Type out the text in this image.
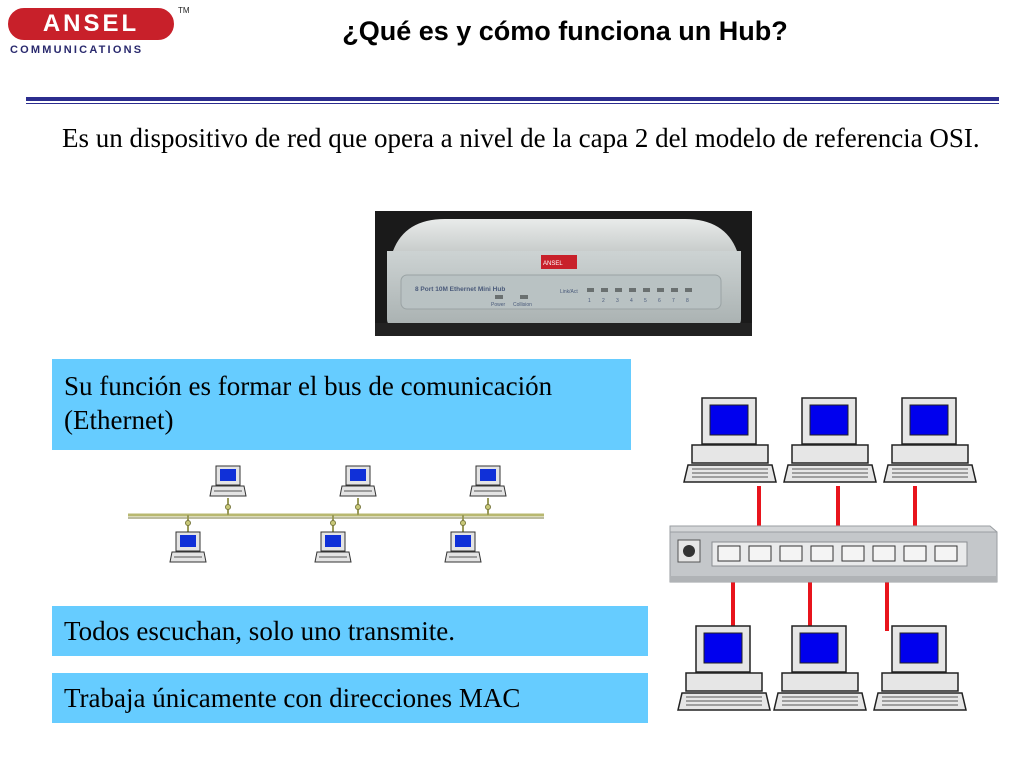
ANSEL
COMMUNICATIONS
TM
¿Qué es y cómo funciona un Hub?
Es un dispositivo de red que opera a nivel de la capa 2 del modelo de referencia OSI.
ANSEL
8 Port 10M Ethernet Mini Hub
Power Collision
Link/Act
1 2 3 4 5 6 7 8
Su función es formar el bus de comunicación (Ethernet)
Todos escuchan, solo uno transmite.
Trabaja únicamente con direcciones MAC
